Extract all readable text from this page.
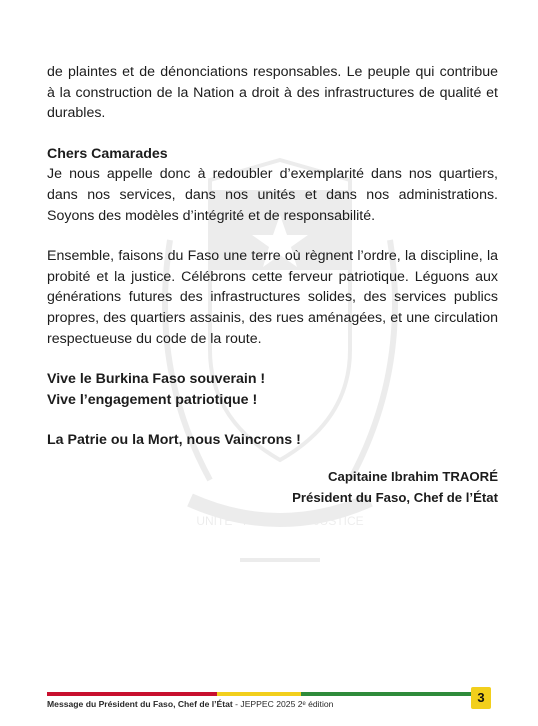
UNITÉ - PROGRÈS - JUSTICE

de plaintes et de dénonciations responsables. Le peuple qui contribue à la construction de la Nation a droit à des infrastructures de qualité et durables.

Chers Camarades

Je nous appelle donc à redoubler d’exemplarité dans nos quartiers, dans nos services, dans nos unités et dans nos administrations. Soyons des modèles d’intégrité et de responsabilité.

Ensemble, faisons du Faso une terre où règnent l’ordre, la discipline, la probité et la justice. Célébrons cette ferveur patriotique. Léguons aux générations futures des infrastructures solides, des services publics propres, des quartiers assainis, des rues aménagées, et une circulation respectueuse du code de la route.

Vive le Burkina Faso souverain !

Vive l’engagement patriotique !

La Patrie ou la Mort, nous Vaincrons !

Capitaine Ibrahim TRAORÉ
Président du Faso, Chef de l’État
Message du Président du Faso, Chef de l’État - JEPPEC 2025 2ᵉ édition	3
